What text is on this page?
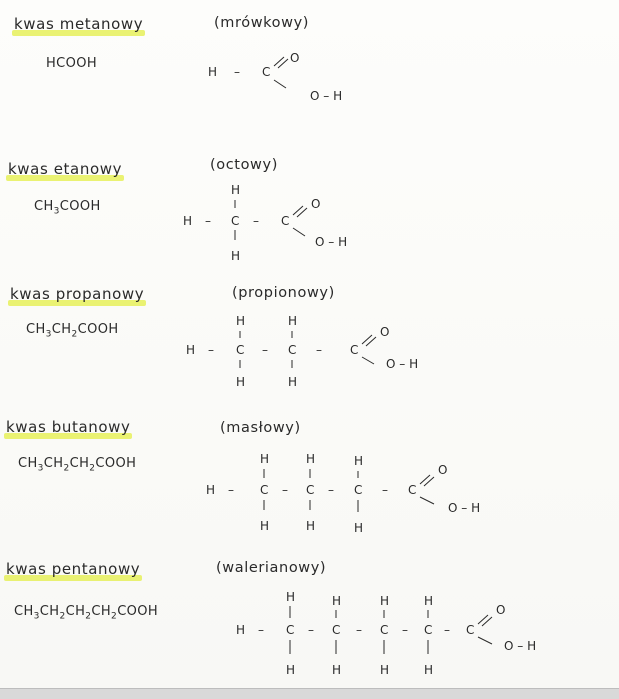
kwas metanowy	(mrówkowy)
HCOOH
H – C
O
O – H
kwas etanowy	(octowy)
$CH_3COOH$
H –
H
C
H
– C
O
O – H
kwas propanowy	(propionowy)
$CH_3CH_2COOH$
H –
H
C
H
–
H
C
H
– C
O
O – H
kwas butanowy	(masłowy)
$CH_3CH_2CH_2COOH$
H –
H
C
H
–
H
C
H
–
H
C
H
– C
O
O – H
kwas pentanowy	(walerianowy)
$CH_3CH_2CH_2CH_2COOH$
H –
H
C
H
–
H
C
H
–
H
C
H
–
H
C
H
– C
O
O – H
